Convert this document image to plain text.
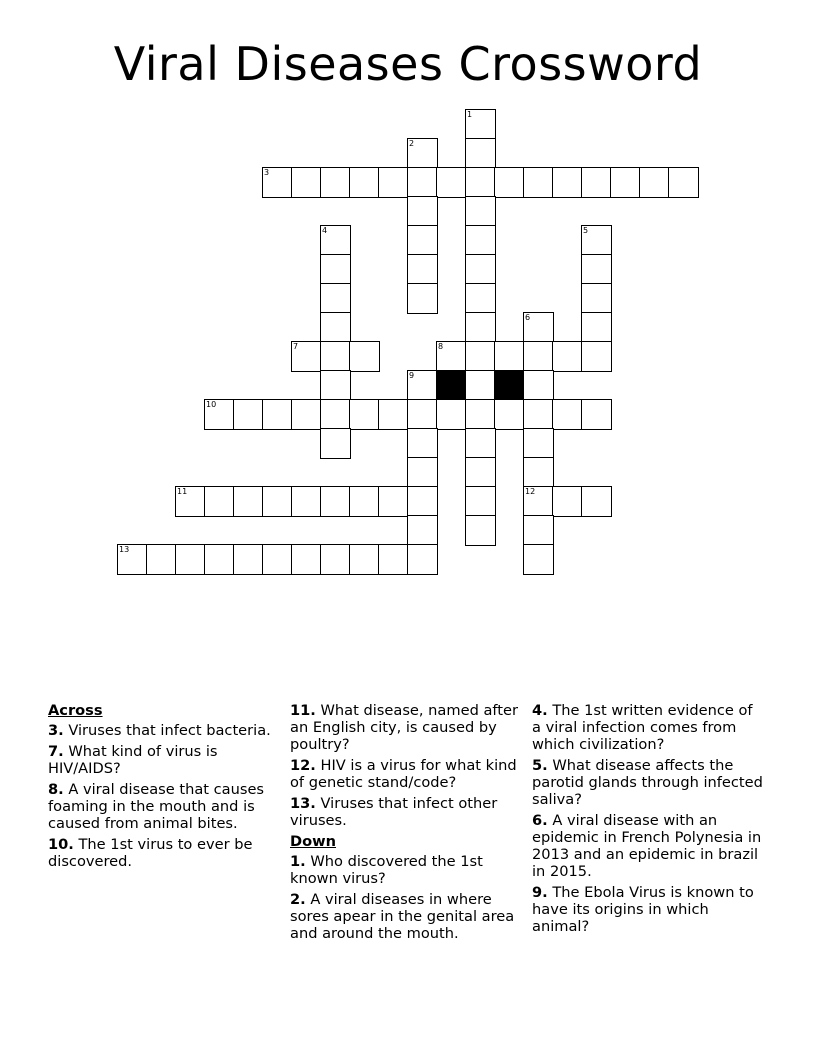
Viral Diseases Crossword
1
2
3
4	5
6
7	8
9
10
11	12
13
Across
3. Viruses that infect bacteria.
7. What kind of virus is HIV/AIDS?
8. A viral disease that causes foaming in the mouth and is caused from animal bites.
10. The 1st virus to ever be discovered.
11. What disease, named after an English city, is caused by poultry?
12. HIV is a virus for what kind of genetic stand/code?
13. Viruses that infect other viruses.
Down
1. Who discovered the 1st known virus?
2. A viral diseases in where sores apear in the genital area and around the mouth.
4. The 1st written evidence of a viral infection comes from which civilization?
5. What disease affects the parotid glands through infected saliva?
6. A viral disease with an epidemic in French Polynesia in 2013 and an epidemic in brazil in 2015.
9. The Ebola Virus is known to have its origins in which animal?
